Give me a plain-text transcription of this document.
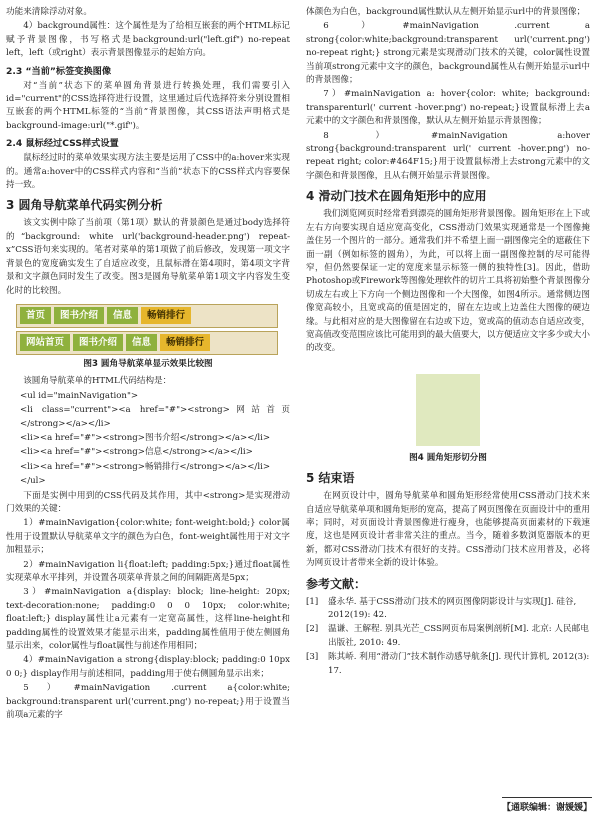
功能来清除浮动对象。

4）background属性：这个属性是为了给相互嵌套的两个HTML标记赋予背景图像，书写格式是background:url("left.gif") no-repeat left，left（或right）表示背景图像显示的起始方向。

2.3 “当前”标签变换图像

对“当前”状态下的菜单圆角背景进行转换处理，我们需要引入id="current"的CSS选择符进行设置，这里通过后代选择符来分别设置相互嵌套的两个HTML标签的“当前”背景图像，其CSS语法声明格式是background-image:url("*.gif")。

2.4 鼠标经过CSS样式设置

鼠标经过时的菜单效果实现方法主要是运用了CSS中的a:hover来实现的。通常a:hover中的CSS样式内容和“当前”状态下的CSS样式内容要保持一致。

3 圆角导航菜单代码实例分析

该文实例中除了当前项（第1项）默认的背景颜色是通过body选择符的“background: white url('background-header.png') repeat-x”CSS语句来实现的。笔者对菜单的第1项做了前后修改，发现第一项文字背景色的宽度确实发生了自适应改变，且鼠标滑在第4项时，第4项文字背景和文字颜色同时发生了改变。图3是圆角导航菜单第1项文字内容发生变化时的比较图。

首页	图书介绍	信息	畅销排行
网站首页	图书介绍	信息	畅销排行
图3 圆角导航菜单显示效果比较图

该圆角导航菜单的HTML代码结构是：

<ul id="mainNavigation">

<li class="current"><a href="#"><strong>网站首页</strong></a></li>

<li><a href="#"><strong>图书介绍</strong></a></li>

<li><a href="#"><strong>信息</strong></a></li>

<li><a href="#"><strong>畅销排行</strong></a></li>

</ul>

下面是实例中用到的CSS代码及其作用，其中<strong>是实现滑动门效果的关键：

1）#mainNavigation{color:white; font-weight:bold;} color属性用于设置默认导航菜单文字的颜色为白色，font-weight属性用于对文字加粗显示；

2）#mainNavigation li{float:left; padding:5px;}通过float属性实现菜单水平排列，并设置各项菜单背景之间的间隔距离是5px；

3）#mainNavigation a{display: block; line-height: 20px; text-decoration:none; padding:0 0 0 10px; color:white; float:left;} display属性让a元素有一定宽高属性，这样line-height和padding属性的设置效果才能显示出来，padding属性值用于使左侧圆角显示出来，color属性与float属性与前述作用相同；

4）#mainNavigation a strong{display:block; padding:0 10px 0 0;} display作用与前述相同，padding用于使右侧圆角显示出来；

5）#mainNavigation .current a{color:white; background:transparent url('current.png') no-repeat;}用于设置当前项a元素的字

体颜色为白色，background属性默认从左侧开始显示url中的背景图像；

6）#mainNavigation .current a strong{color:white;background:transparent url('current.png') no-repeat right;} strong元素是实现滑动门技术的关键，color属性设置当前项strong元素中文字的颜色，background属性从右侧开始显示url中的背景图像；

7）#mainNavigation a: hover{color: white; background: transparenturl(' current -hover.png') no-repeat;}设置鼠标滑上去a元素中的文字颜色和背景图像，默认从左侧开始显示背景图像；

8）#mainNavigation a:hover strong{background:transparent url(' current -hover.png') no-repeat right; color:#464F15;}用于设置鼠标滑上去strong元素中的文字颜色和背景图像，且从右侧开始显示背景图像。

4 滑动门技术在圆角矩形中的应用

我们浏览网页时经常看到漂亮的圆角矩形背景图像。圆角矩形在上下或左右方向要实现自适应宽高变化，CSS滑动门效果实现通常是一个图像掩盖住另一个图片的一部分。通常我们并不希望上面一副图像完全的遮蔽住下面一副（例如标签的圆角），为此，可以将上面一副图像控制的尽可能得窄，但仍然要保证一定的宽度来显示标签一侧的独特性[3]。因此，借助Photoshop或Firework等图像处理软件的切片工具将初始整个背景图像分切成左右或上下方向一个侧边图像和一个大图像，如图4所示。通常侧边图像宽高较小，且宽或高的值是固定的，留在左边或上边盖住大图像的硬边缘。与此相对应的是大图像留在右边或下边，宽或高的值动态自适应改变，宽高值改变范围应该比可能用到的最大值要大，以方便适应文字多少或大小的改变。

图4 圆角矩形切分图
5 结束语

在网页设计中，圆角导航菜单和圆角矩形经常使用CSS滑动门技术来自适应导航菜单项和圆角矩形的宽高，提高了网页图像在页面设计中的重用率；同时，对页面设计背景图像进行瘦身，也能够提高页面素材的下载速度，这也是网页设计者非常关注的重点。当今，随着多数浏览器版本的更新，都对CSS滑动门技术有很好的支持。CSS滑动门技术应用普及，必将为网页设计者带来全新的设计体验。

参考文献：
[1]	盛永华. 基于CSS滑动门技术的网页图像阴影设计与实现[J]. 硅谷, 2012(19): 42.
[2]	温谦、王解程. 别具光芒_CSS网页布局案例剖析[M]. 北京: 人民邮电出版社, 2010: 49.
[3]	陈其峤. 利用“滑动门”技术制作动感导航条[J]. 现代计算机, 2012(3): 17.
【通联编辑：谢媛媛】
